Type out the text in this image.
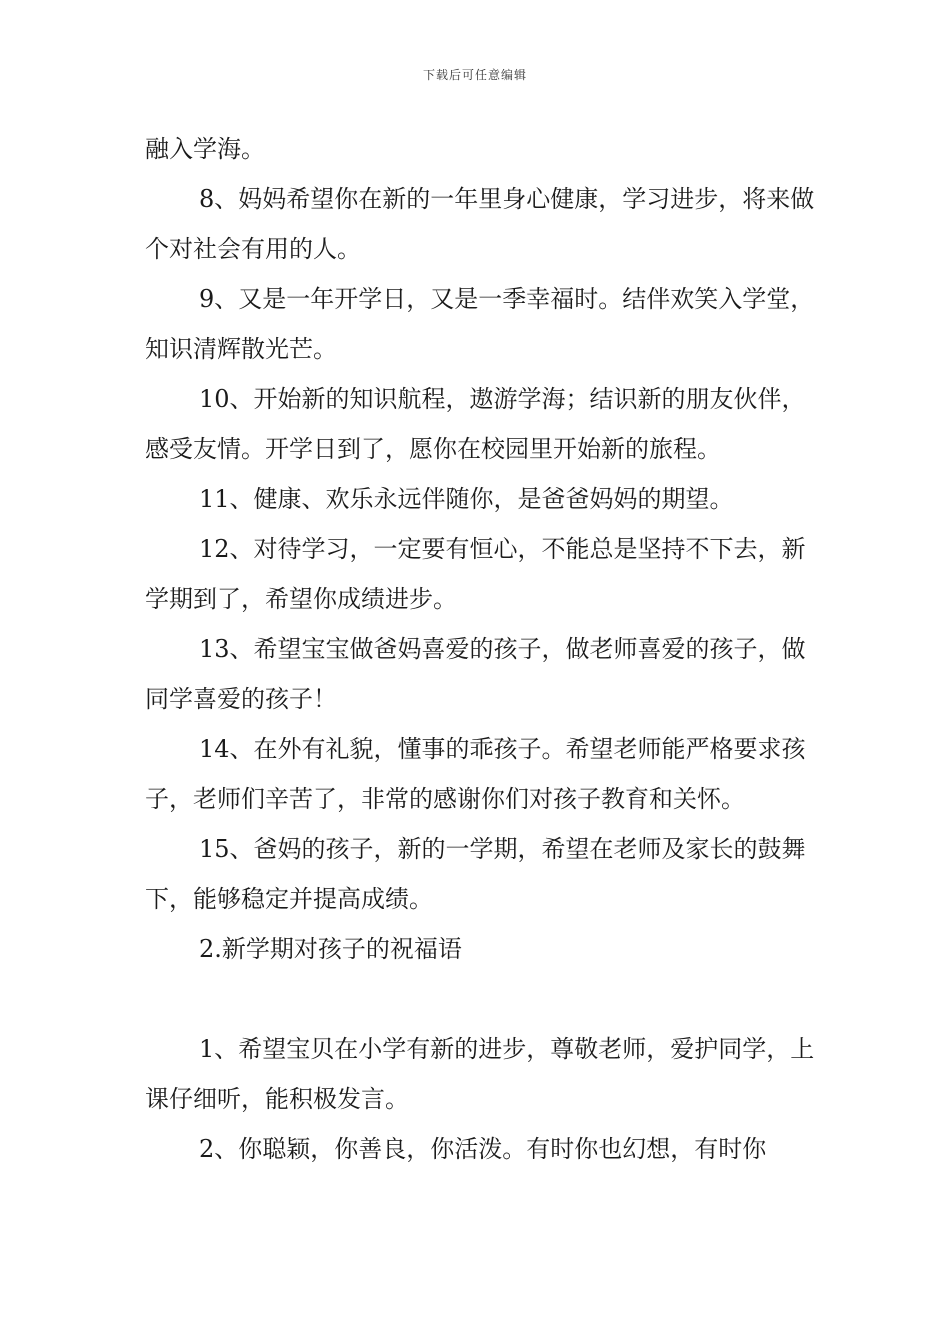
下载后可任意编辑

融入学海。

8、妈妈希望你在新的一年里身心健康，学习进步，将来做个对社会有用的人。

9、又是一年开学日，又是一季幸福时。结伴欢笑入学堂，知识清辉散光芒。

10、开始新的知识航程，遨游学海；结识新的朋友伙伴，感受友情。开学日到了，愿你在校园里开始新的旅程。

11、健康、欢乐永远伴随你，是爸爸妈妈的期望。

12、对待学习，一定要有恒心，不能总是坚持不下去，新学期到了，希望你成绩进步。

13、希望宝宝做爸妈喜爱的孩子，做老师喜爱的孩子，做同学喜爱的孩子！

14、在外有礼貌，懂事的乖孩子。希望老师能严格要求孩子，老师们辛苦了，非常的感谢你们对孩子教育和关怀。

15、爸妈的孩子，新的一学期，希望在老师及家长的鼓舞下，能够稳定并提高成绩。

2.新学期对孩子的祝福语

1、希望宝贝在小学有新的进步，尊敬老师，爱护同学，上课仔细听，能积极发言。

2、你聪颖，你善良，你活泼。有时你也幻想，有时你
